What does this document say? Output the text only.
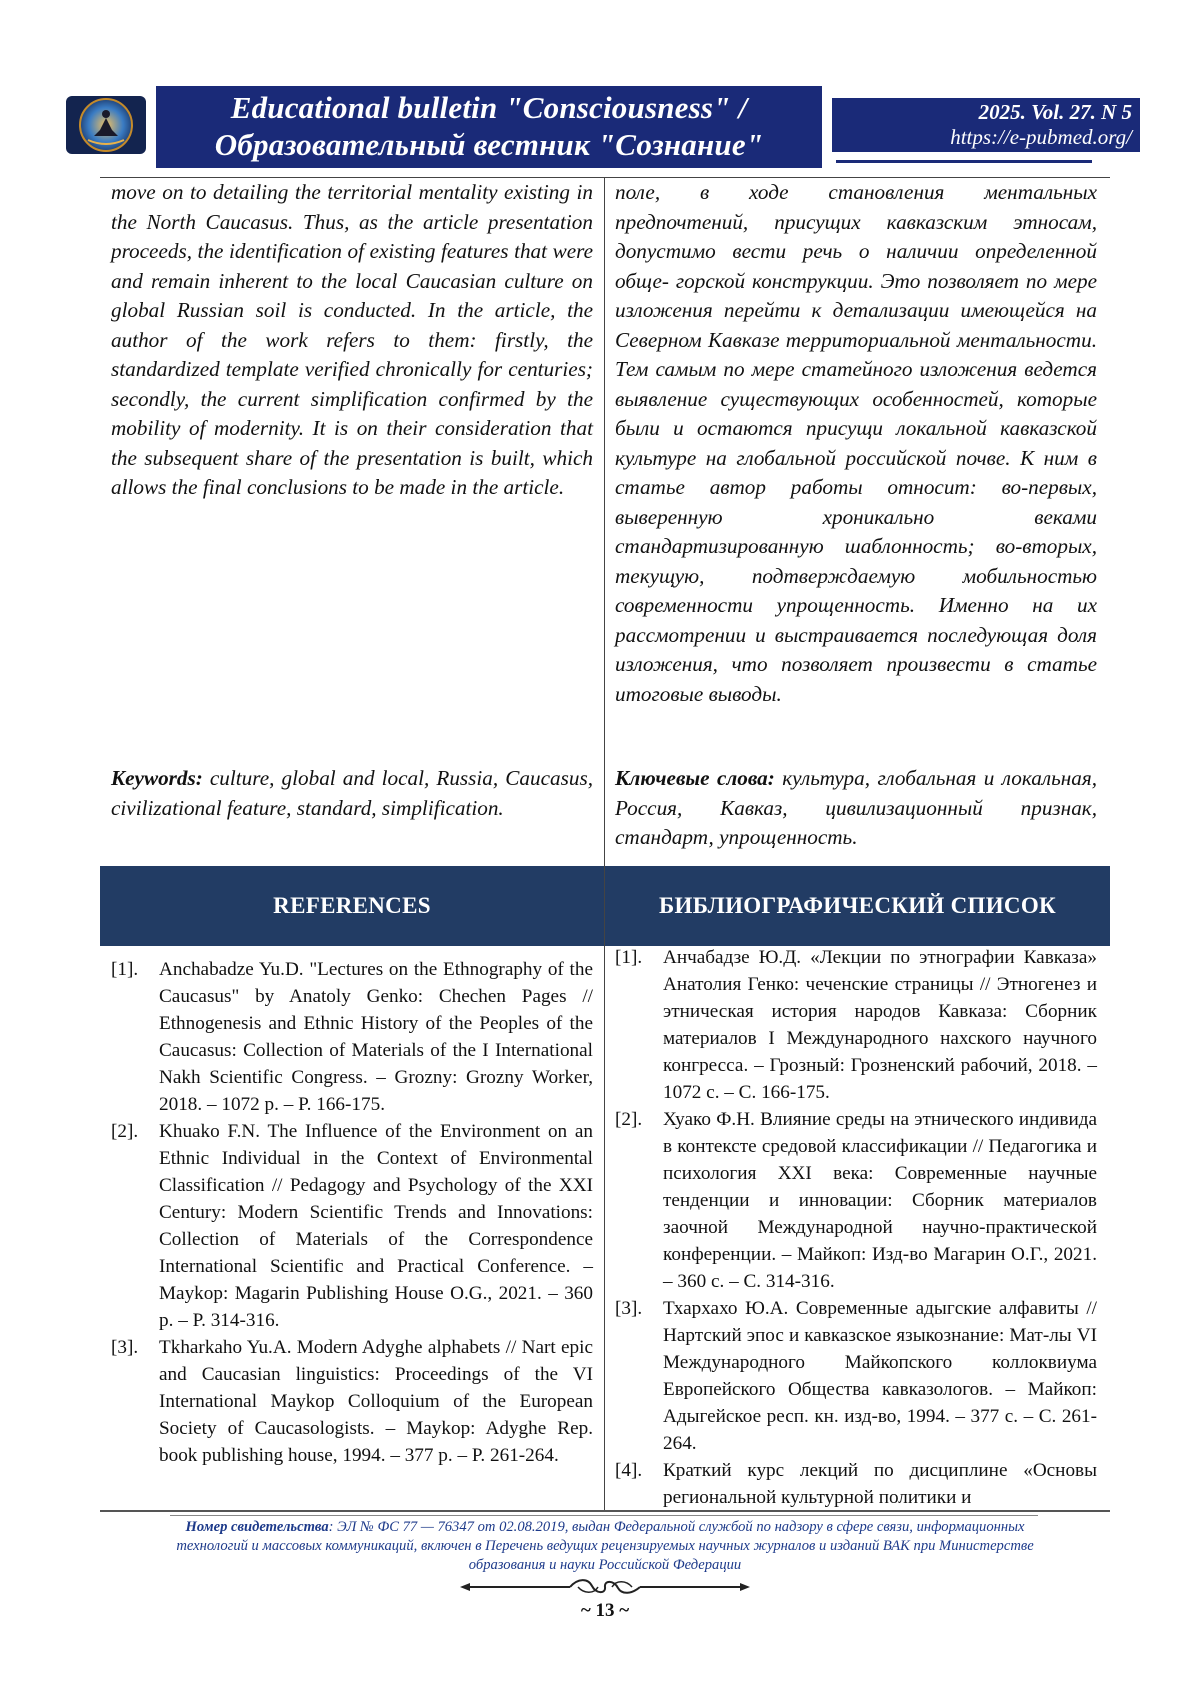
Educational bulletin "Consciousness" /
Образовательный вестник "Сознание"
2025. Vol. 27. N 5
https://e-pubmed.org/
move on to detailing the territorial mentality existing in the North Caucasus. Thus, as the article presentation proceeds, the identification of existing features that were and remain inherent to the local Caucasian culture on global Russian soil is conducted. In the article, the author of the work refers to them: firstly, the standardized template verified chronically for centuries; secondly, the current simplification confirmed by the mobility of modernity. It is on their consideration that the subsequent share of the presentation is built, which allows the final conclusions to be made in the article.
поле, в ходе становления ментальных предпочтений, присущих кавказским этносам, допустимо вести речь о наличии определенной обще- горской конструкции. Это позволяет по мере изложения перейти к детализации имеющейся на Северном Кавказе территориальной ментальности. Тем самым по мере статейного изложения ведется выявление существующих особенностей, которые были и остаются присущи локальной кавказской культуре на глобальной российской почве. К ним в статье автор работы относит: во-первых, выверенную хроникально веками стандартизированную шаблонность; во-вторых, текущую, подтверждаемую мобильностью современности упрощенность. Именно на их рассмотрении и выстраивается последующая доля изложения, что позволяет произвести в статье итоговые выводы.
Keywords: culture, global and local, Russia, Caucasus, civilizational feature, standard, simplification.
Ключевые слова: культура, глобальная и локальная, Россия, Кавказ, цивилизационный признак, стандарт, упрощенность.
REFERENCES	БИБЛИОГРАФИЧЕСКИЙ СПИСОК
[1]. Anchabadze Yu.D. "Lectures on the Ethnography of the Caucasus" by Anatoly Genko: Chechen Pages // Ethnogenesis and Ethnic History of the Peoples of the Caucasus: Collection of Materials of the I International Nakh Scientific Congress. – Grozny: Grozny Worker, 2018. – 1072 p. – P. 166-175.
[2]. Khuako F.N. The Influence of the Environment on an Ethnic Individual in the Context of Environmental Classification // Pedagogy and Psychology of the XXI Century: Modern Scientific Trends and Innovations: Collection of Materials of the Correspondence International Scientific and Practical Conference. – Maykop: Magarin Publishing House O.G., 2021. – 360 p. – P. 314-316.
[3]. Tkharkaho Yu.A. Modern Adyghe alphabets // Nart epic and Caucasian linguistics: Proceedings of the VI International Maykop Colloquium of the European Society of Caucasologists. – Maykop: Adyghe Rep. book publishing house, 1994. – 377 p. – P. 261-264.
[1]. Анчабадзе Ю.Д. «Лекции по этнографии Кавказа» Анатолия Генко: чеченские страницы // Этногенез и этническая история народов Кавказа: Сборник материалов I Международного нахского научного конгресса. – Грозный: Грозненский рабочий, 2018. – 1072 с. – С. 166-175.
[2]. Хуако Ф.Н. Влияние среды на этнического индивида в контексте средовой классификации // Педагогика и психология XXI века: Современные научные тенденции и инновации: Сборник материалов заочной Международной научно-практической конференции. – Майкоп: Изд-во Магарин О.Г., 2021. – 360 с. – С. 314-316.
[3]. Тхархахо Ю.А. Современные адыгские алфавиты // Нартский эпос и кавказское языкознание: Мат-лы VI Международного Майкопского коллоквиума Европейского Общества кавказологов. – Майкоп: Адыгейское респ. кн. изд-во, 1994. – 377 с. – С. 261-264.
[4]. Краткий курс лекций по дисциплине «Основы региональной культурной политики и
Номер свидетельства: ЭЛ № ФС 77 — 76347 от 02.08.2019, выдан Федеральной службой по надзору в сфере связи, информационных технологий и массовых коммуникаций, включен в Перечень ведущих рецензируемых научных журналов и изданий ВАК при Министерстве образования и науки Российской Федерации
~ 13 ~
